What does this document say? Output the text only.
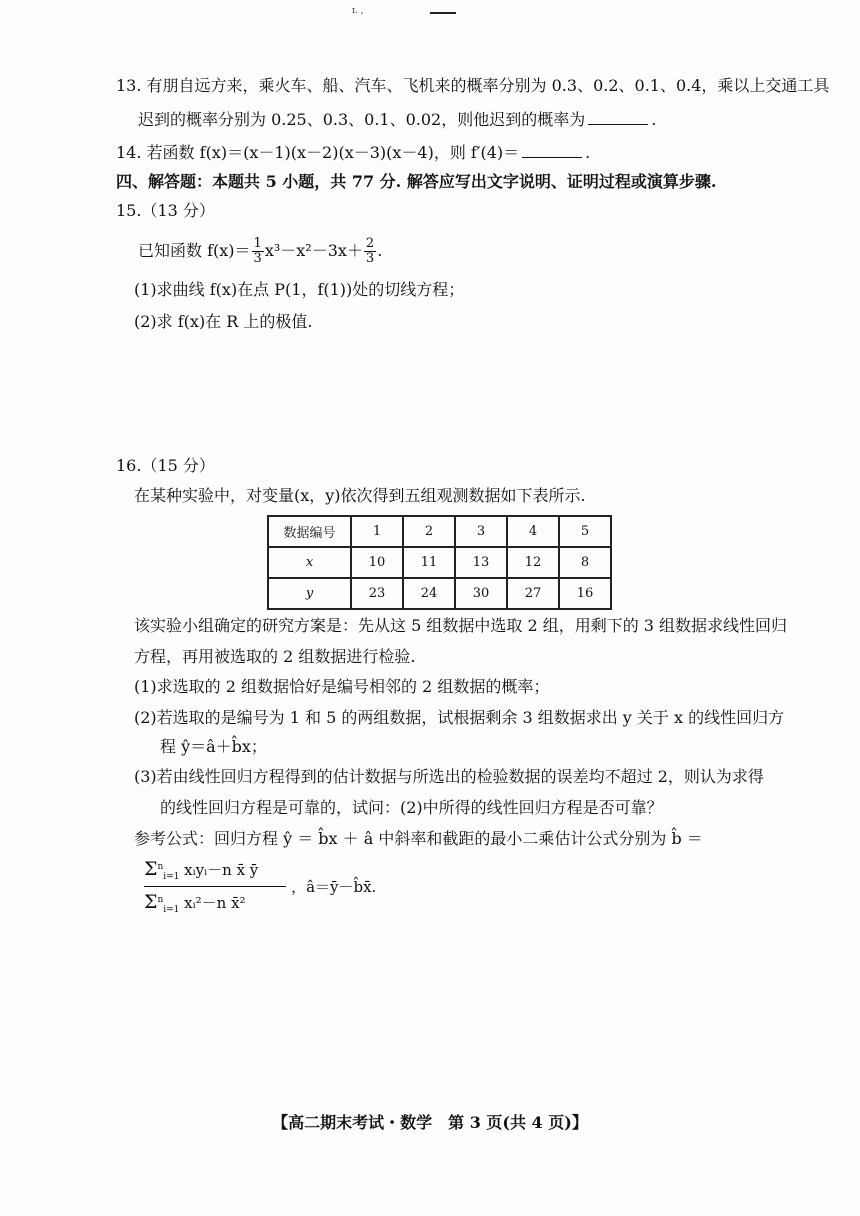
ɪ. ,
13. 有朋自远方来，乘火车、船、汽车、飞机来的概率分别为 0.3、0.2、0.1、0.4，乘以上交通工具
迟到的概率分别为 0.25、0.3、0.1、0.02，则他迟到的概率为	.
14. 若函数 f(x)＝(x－1)(x－2)(x－3)(x－4)，则 f′(4)＝	.
四、解答题：本题共 5 小题，共 77 分. 解答应写出文字说明、证明过程或演算步骤.
15.（13 分）
已知函数 $f(x)= \frac{1}{3} x^3-x^2-3x+ \frac{2}{3}$ .
(1)求曲线 f(x)在点 P(1，f(1))处的切线方程；
(2)求 f(x)在 R 上的极值.
16.（15 分）
在某种实验中，对变量(x，y)依次得到五组观测数据如下表所示.
数据编号	1	2	3	4	5
x	10	11	13	12	8
y	23	24	30	27	16
该实验小组确定的研究方案是：先从这 5 组数据中选取 2 组，用剩下的 3 组数据求线性回归
方程，再用被选取的 2 组数据进行检验.
(1)求选取的 2 组数据恰好是编号相邻的 2 组数据的概率；
(2)若选取的是编号为 1 和 5 的两组数据，试根据剩余 3 组数据求出 y 关于 x 的线性回归方
程 ŷ＝â＋b̂x；
(3)若由线性回归方程得到的估计数据与所选出的检验数据的误差均不超过 2，则认为求得
的线性回归方程是可靠的，试问：(2)中所得的线性回归方程是否可靠？
参考公式：回归方程 ŷ ＝ b̂x ＋ â 中斜率和截距的最小二乘估计公式分别为 b̂ ＝
$\Sigma^n_{i=1}$ xᵢyᵢ－n x̄ ȳ
$\Sigma^n_{i=1}$ xᵢ²－n x̄²
，â＝ȳ－b̂x̄.
【高二期末考试・数学　第 3 页(共 4 页)】
